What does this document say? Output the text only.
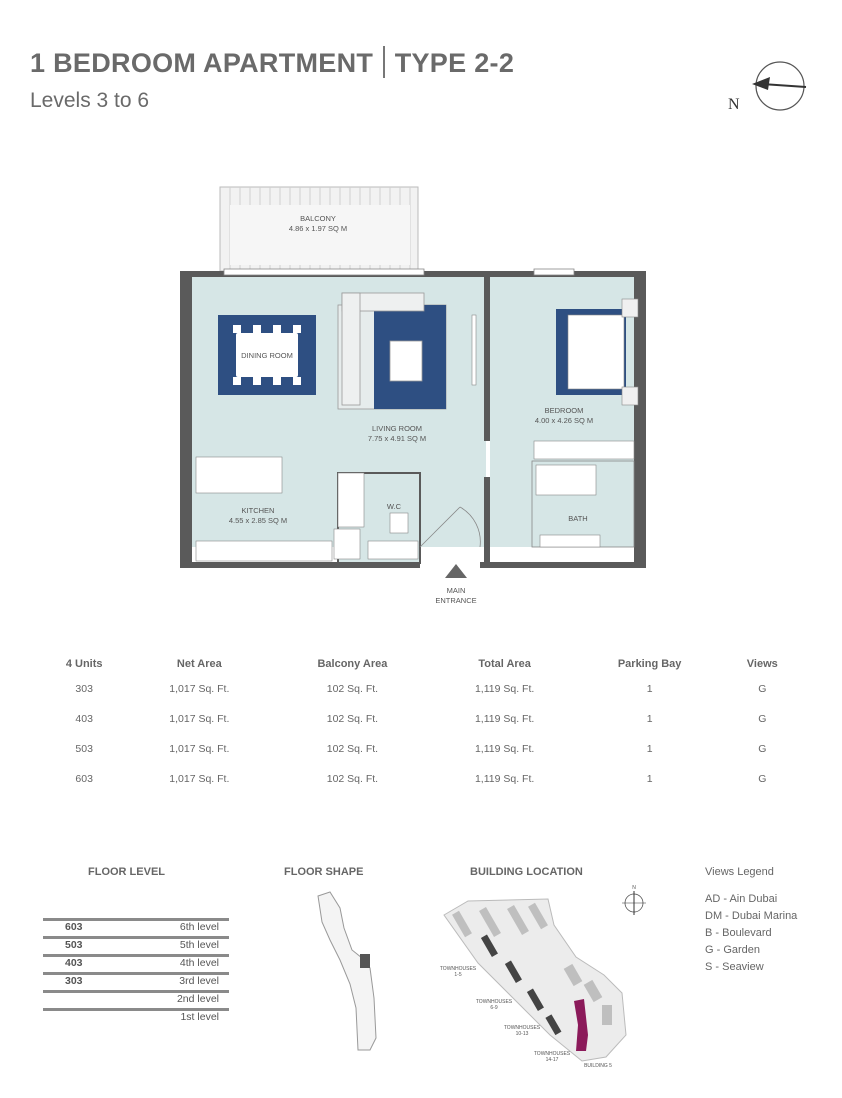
1 BEDROOM APARTMENT TYPE 2-2
Levels 3 to 6	N
BALCONY
4.86 x 1.97 SQ M
DINING ROOM
LIVING ROOM
7.75 x 4.91 SQ M
BEDROOM
4.00 x 4.26 SQ M
KITCHEN
4.55 x 2.85 SQ M
W.C
BATH
MAIN
ENTRANCE
4 Units	Net Area	Balcony Area	Total Area	Parking Bay	Views
303	1,017 Sq. Ft.	102 Sq. Ft.	1,119 Sq. Ft.	1	G
403	1,017 Sq. Ft.	102 Sq. Ft.	1,119 Sq. Ft.	1	G
503	1,017 Sq. Ft.	102 Sq. Ft.	1,119 Sq. Ft.	1	G
603	1,017 Sq. Ft.	102 Sq. Ft.	1,119 Sq. Ft.	1	G
FLOOR LEVEL	FLOOR SHAPE	BUILDING LOCATION	Views Legend
603	6th level
503	5th level
403	4th level
303	3rd level
2nd level
1st level
TOWNHOUSES
1-5
TOWNHOUSES
6-9
TOWNHOUSES
10-13
TOWNHOUSES
14-17
BUILDING 5
N
AD - Ain Dubai
DM - Dubai Marina
B - Boulevard
G - Garden
S - Seaview
